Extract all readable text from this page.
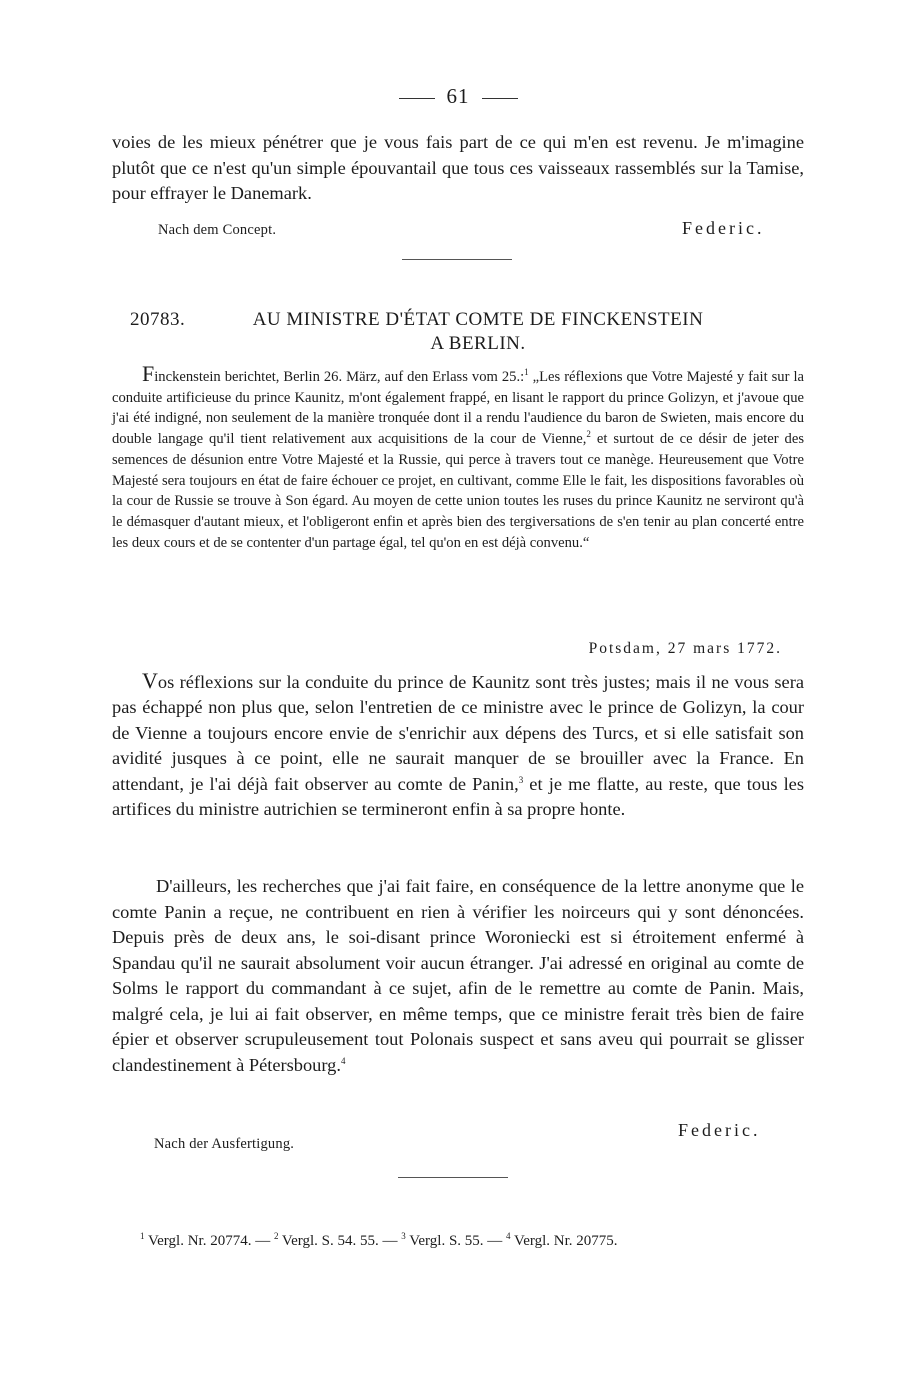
61

voies de les mieux pénétrer que je vous fais part de ce qui m'en est revenu. Je m'imagine plutôt que ce n'est qu'un simple épouvantail que tous ces vaisseaux rassemblés sur la Tamise, pour effrayer le Danemark.

Nach dem Concept.	Federic.
20783.	AU MINISTRE D'ÉTAT COMTE DE FINCKENSTEIN
A BERLIN.

Finckenstein berichtet, Berlin 26. März, auf den Erlass vom 25.:$^1$ „Les réflexions que Votre Majesté y fait sur la conduite artificieuse du prince Kaunitz, m'ont également frappé, en lisant le rapport du prince Golizyn, et j'avoue que j'ai été indigné, non seulement de la manière tronquée dont il a rendu l'audience du baron de Swieten, mais encore du double langage qu'il tient relativement aux acquisitions de la cour de Vienne,$^2$ et surtout de ce désir de jeter des semences de désunion entre Votre Majesté et la Russie, qui perce à travers tout ce manège. Heureusement que Votre Majesté sera toujours en état de faire échouer ce projet, en cultivant, comme Elle le fait, les dispositions favorables où la cour de Russie se trouve à Son égard. Au moyen de cette union toutes les ruses du prince Kaunitz ne serviront qu'à le démasquer d'autant mieux, et l'obligeront enfin et après bien des tergiversations de s'en tenir au plan concerté entre les deux cours et de se contenter d'un partage égal, tel qu'on en est déjà convenu.“

Potsdam, 27 mars 1772.

Vos réflexions sur la conduite du prince de Kaunitz sont très justes; mais il ne vous sera pas échappé non plus que, selon l'entretien de ce ministre avec le prince de Golizyn, la cour de Vienne a toujours encore envie de s'enrichir aux dépens des Turcs, et si elle satisfait son avidité jusques à ce point, elle ne saurait manquer de se brouiller avec la France. En attendant, je l'ai déjà fait observer au comte de Panin,$^3$ et je me flatte, au reste, que tous les artifices du ministre autrichien se termineront enfin à sa propre honte.

D'ailleurs, les recherches que j'ai fait faire, en conséquence de la lettre anonyme que le comte Panin a reçue, ne contribuent en rien à vérifier les noirceurs qui y sont dénoncées. Depuis près de deux ans, le soi-disant prince Woroniecki est si étroitement enfermé à Spandau qu'il ne saurait absolument voir aucun étranger. J'ai adressé en original au comte de Solms le rapport du commandant à ce sujet, afin de le remettre au comte de Panin. Mais, malgré cela, je lui ai fait observer, en même temps, que ce ministre ferait très bien de faire épier et observer scrupuleusement tout Polonais suspect et sans aveu qui pourrait se glisser clandestinement à Pétersbourg.$^4$

Federic.
Nach der Ausfertigung.

$^1$ Vergl. Nr. 20774. — $^2$ Vergl. S. 54. 55. — $^3$ Vergl. S. 55. — $^4$ Vergl. Nr. 20775.
